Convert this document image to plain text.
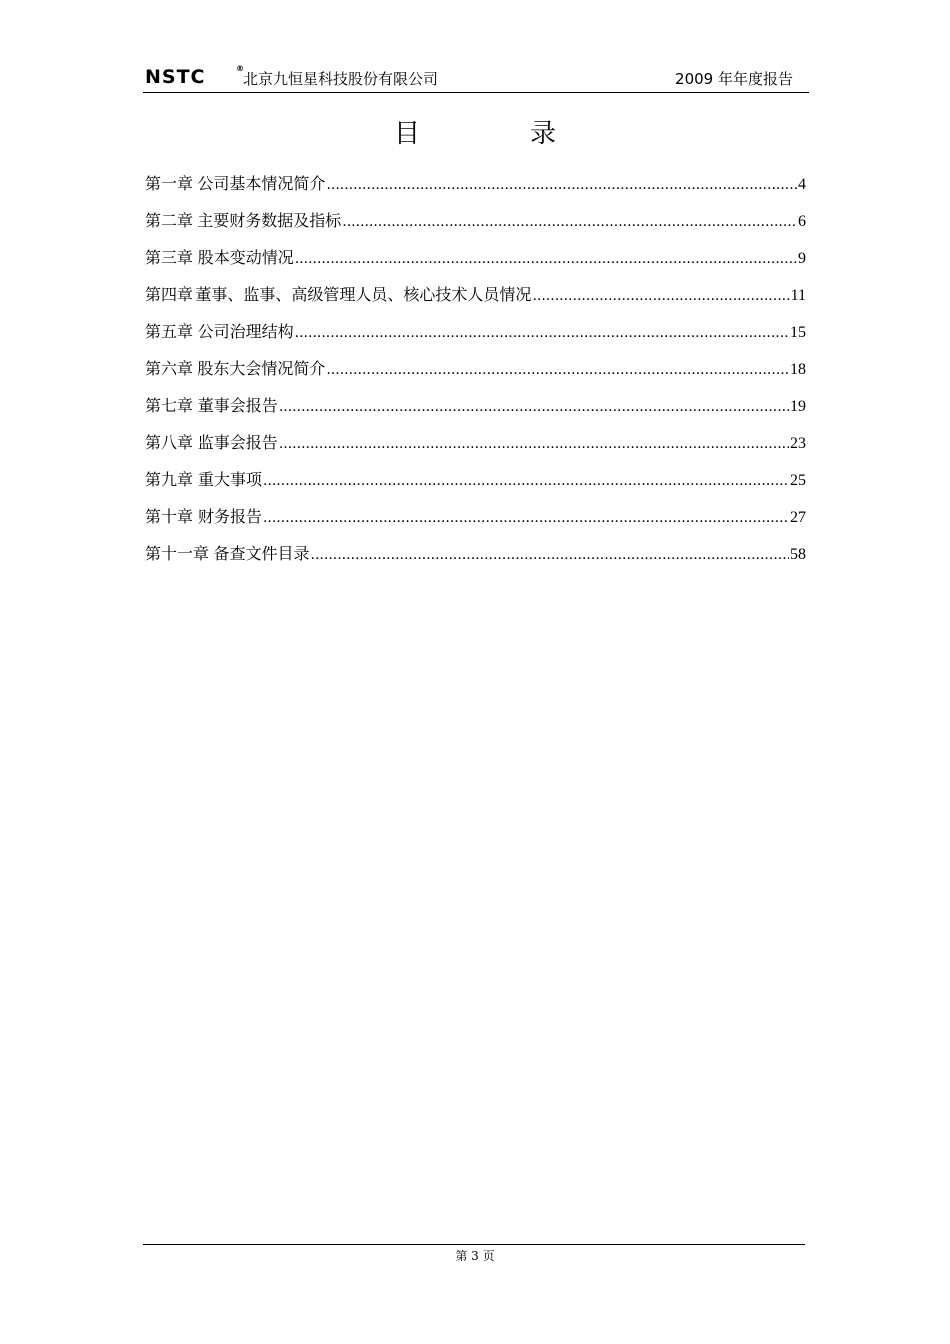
NSTC	®
北京九恒星科技股份有限公司	2009 年年度报告
目录
第一章 公司基本情况简介 .....	4
第二章 主要财务数据及指标 .....	6
第三章 股本变动情况 .....	9
第四章 董事、监事、高级管理人员、核心技术人员情况 .....	11
第五章 公司治理结构 .....	15
第六章 股东大会情况简介 .....	18
第七章 董事会报告 .....	19
第八章 监事会报告 .....	23
第九章 重大事项 .....	25
第十章 财务报告 .....	27
第十一章 备查文件目录 .....	58
第 3 页
